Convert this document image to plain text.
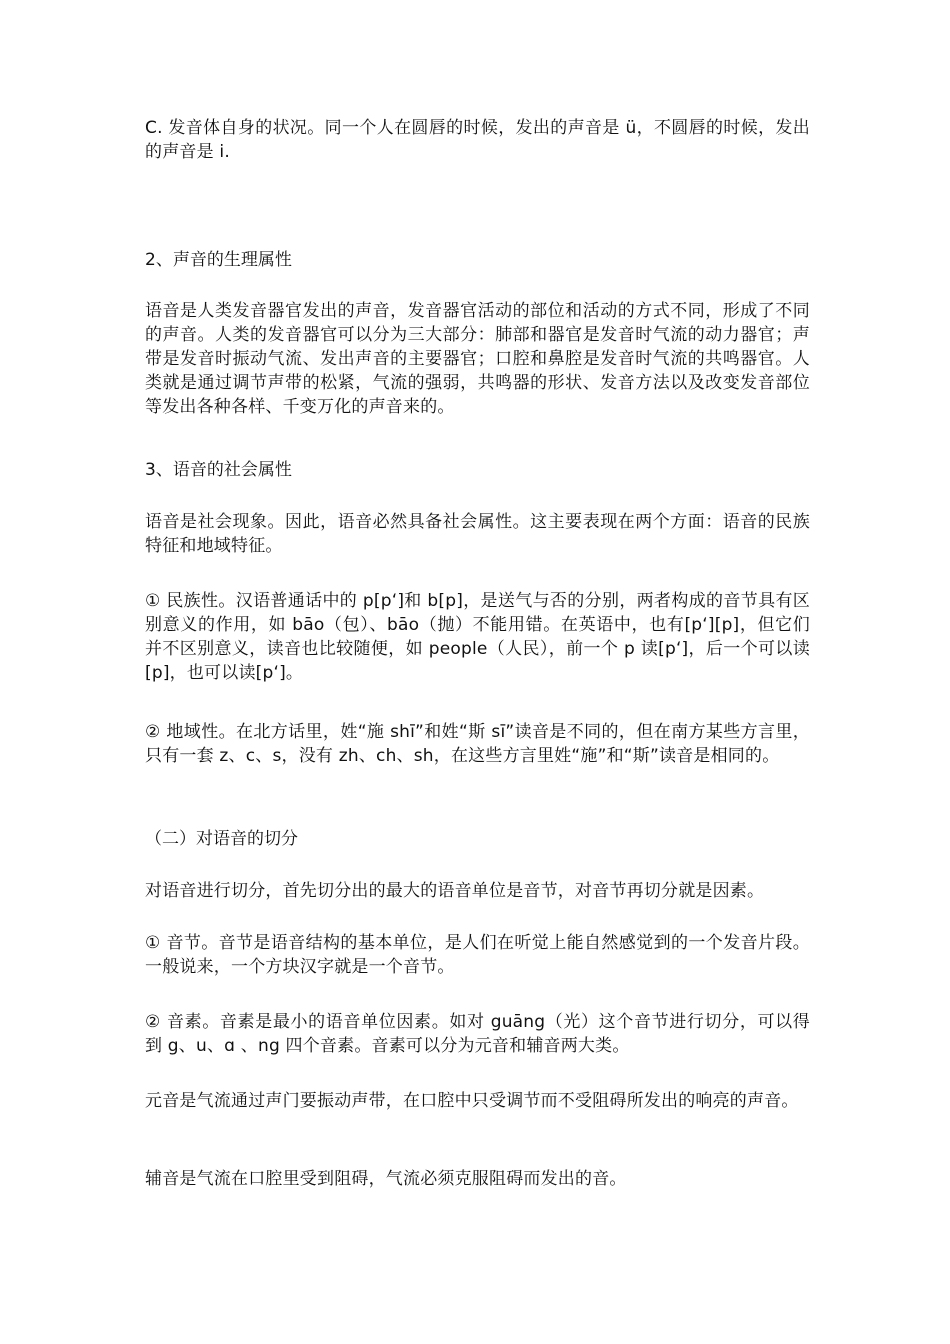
C. 发音体自身的状况。同一个人在圆唇的时候，发出的声音是 ü，不圆唇的时候，发出的声音是 i.

2、声音的生理属性

语音是人类发音器官发出的声音，发音器官活动的部位和活动的方式不同，形成了不同的声音。人类的发音器官可以分为三大部分：肺部和器官是发音时气流的动力器官；声带是发音时振动气流、发出声音的主要器官；口腔和鼻腔是发音时气流的共鸣器官。人类就是通过调节声带的松紧，气流的强弱，共鸣器的形状、发音方法以及改变发音部位等发出各种各样、千变万化的声音来的。

3、语音的社会属性

语音是社会现象。因此，语音必然具备社会属性。这主要表现在两个方面：语音的民族特征和地域特征。

① 民族性。汉语普通话中的 p[pʻ]和 b[p]，是送气与否的分别，两者构成的音节具有区别意义的作用，如 bāo（包）、bāo（抛）不能用错。在英语中，也有[pʻ][p]，但它们并不区别意义，读音也比较随便，如 people（人民），前一个 p 读[pʻ]，后一个可以读[p]，也可以读[pʻ]。

② 地域性。在北方话里，姓“施 shī”和姓“斯 sī”读音是不同的，但在南方某些方言里，只有一套 z、c、s，没有 zh、ch、sh，在这些方言里姓“施”和“斯”读音是相同的。

（二）对语音的切分

对语音进行切分，首先切分出的最大的语音单位是音节，对音节再切分就是因素。

① 音节。音节是语音结构的基本单位，是人们在听觉上能自然感觉到的一个发音片段。一般说来，一个方块汉字就是一个音节。

② 音素。音素是最小的语音单位因素。如对 guāng（光）这个音节进行切分，可以得到 g、u、ɑ 、ng 四个音素。音素可以分为元音和辅音两大类。

元音是气流通过声门要振动声带，在口腔中只受调节而不受阻碍所发出的响亮的声音。

辅音是气流在口腔里受到阻碍，气流必须克服阻碍而发出的音。
